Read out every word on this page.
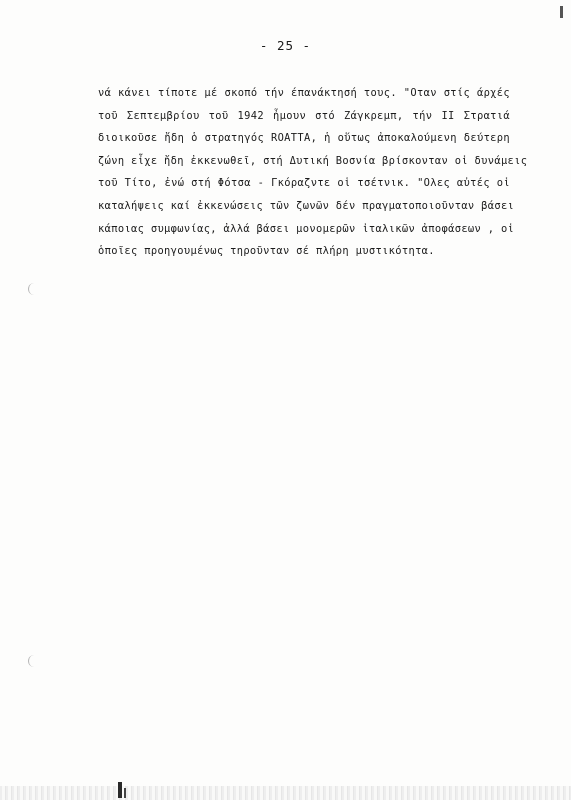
- 25 -
νά κάνει τίποτε μέ σκοπό τήν έπανάκτησή τους. "Οταν στίς άρχές
τοῦ Σεπτεμβρίου τοῦ 1942 ἦμουν στό Ζάγκρεμπ, τήν II Στρατιά
διοικοῦσε ἤδη ὁ στρατηγός ROATTA, ἡ οὕτως ἀποκαλούμενη δεύτερη
ζώνη εἶχε ἤδη ἐκκενωθεῖ, στή Δυτική Βοσνία βρίσκονταν οἱ δυνάμεις
τοῦ Τίτο, ἐνώ στή Φότσα - Γκόραζντε οἱ τσέτνικ. "Ολες αὐτές οἱ
καταλήψεις καί ἐκκενώσεις τῶν ζωνῶν δέν πραγματοποιοῦνταν βάσει
κάποιας συμφωνίας, ἀλλά βάσει μονομερῶν ἰταλικῶν ἀποφάσεων , οἱ
ὁποῖες προηγουμένως τηροῦνταν σέ πλήρη μυστικότητα.
